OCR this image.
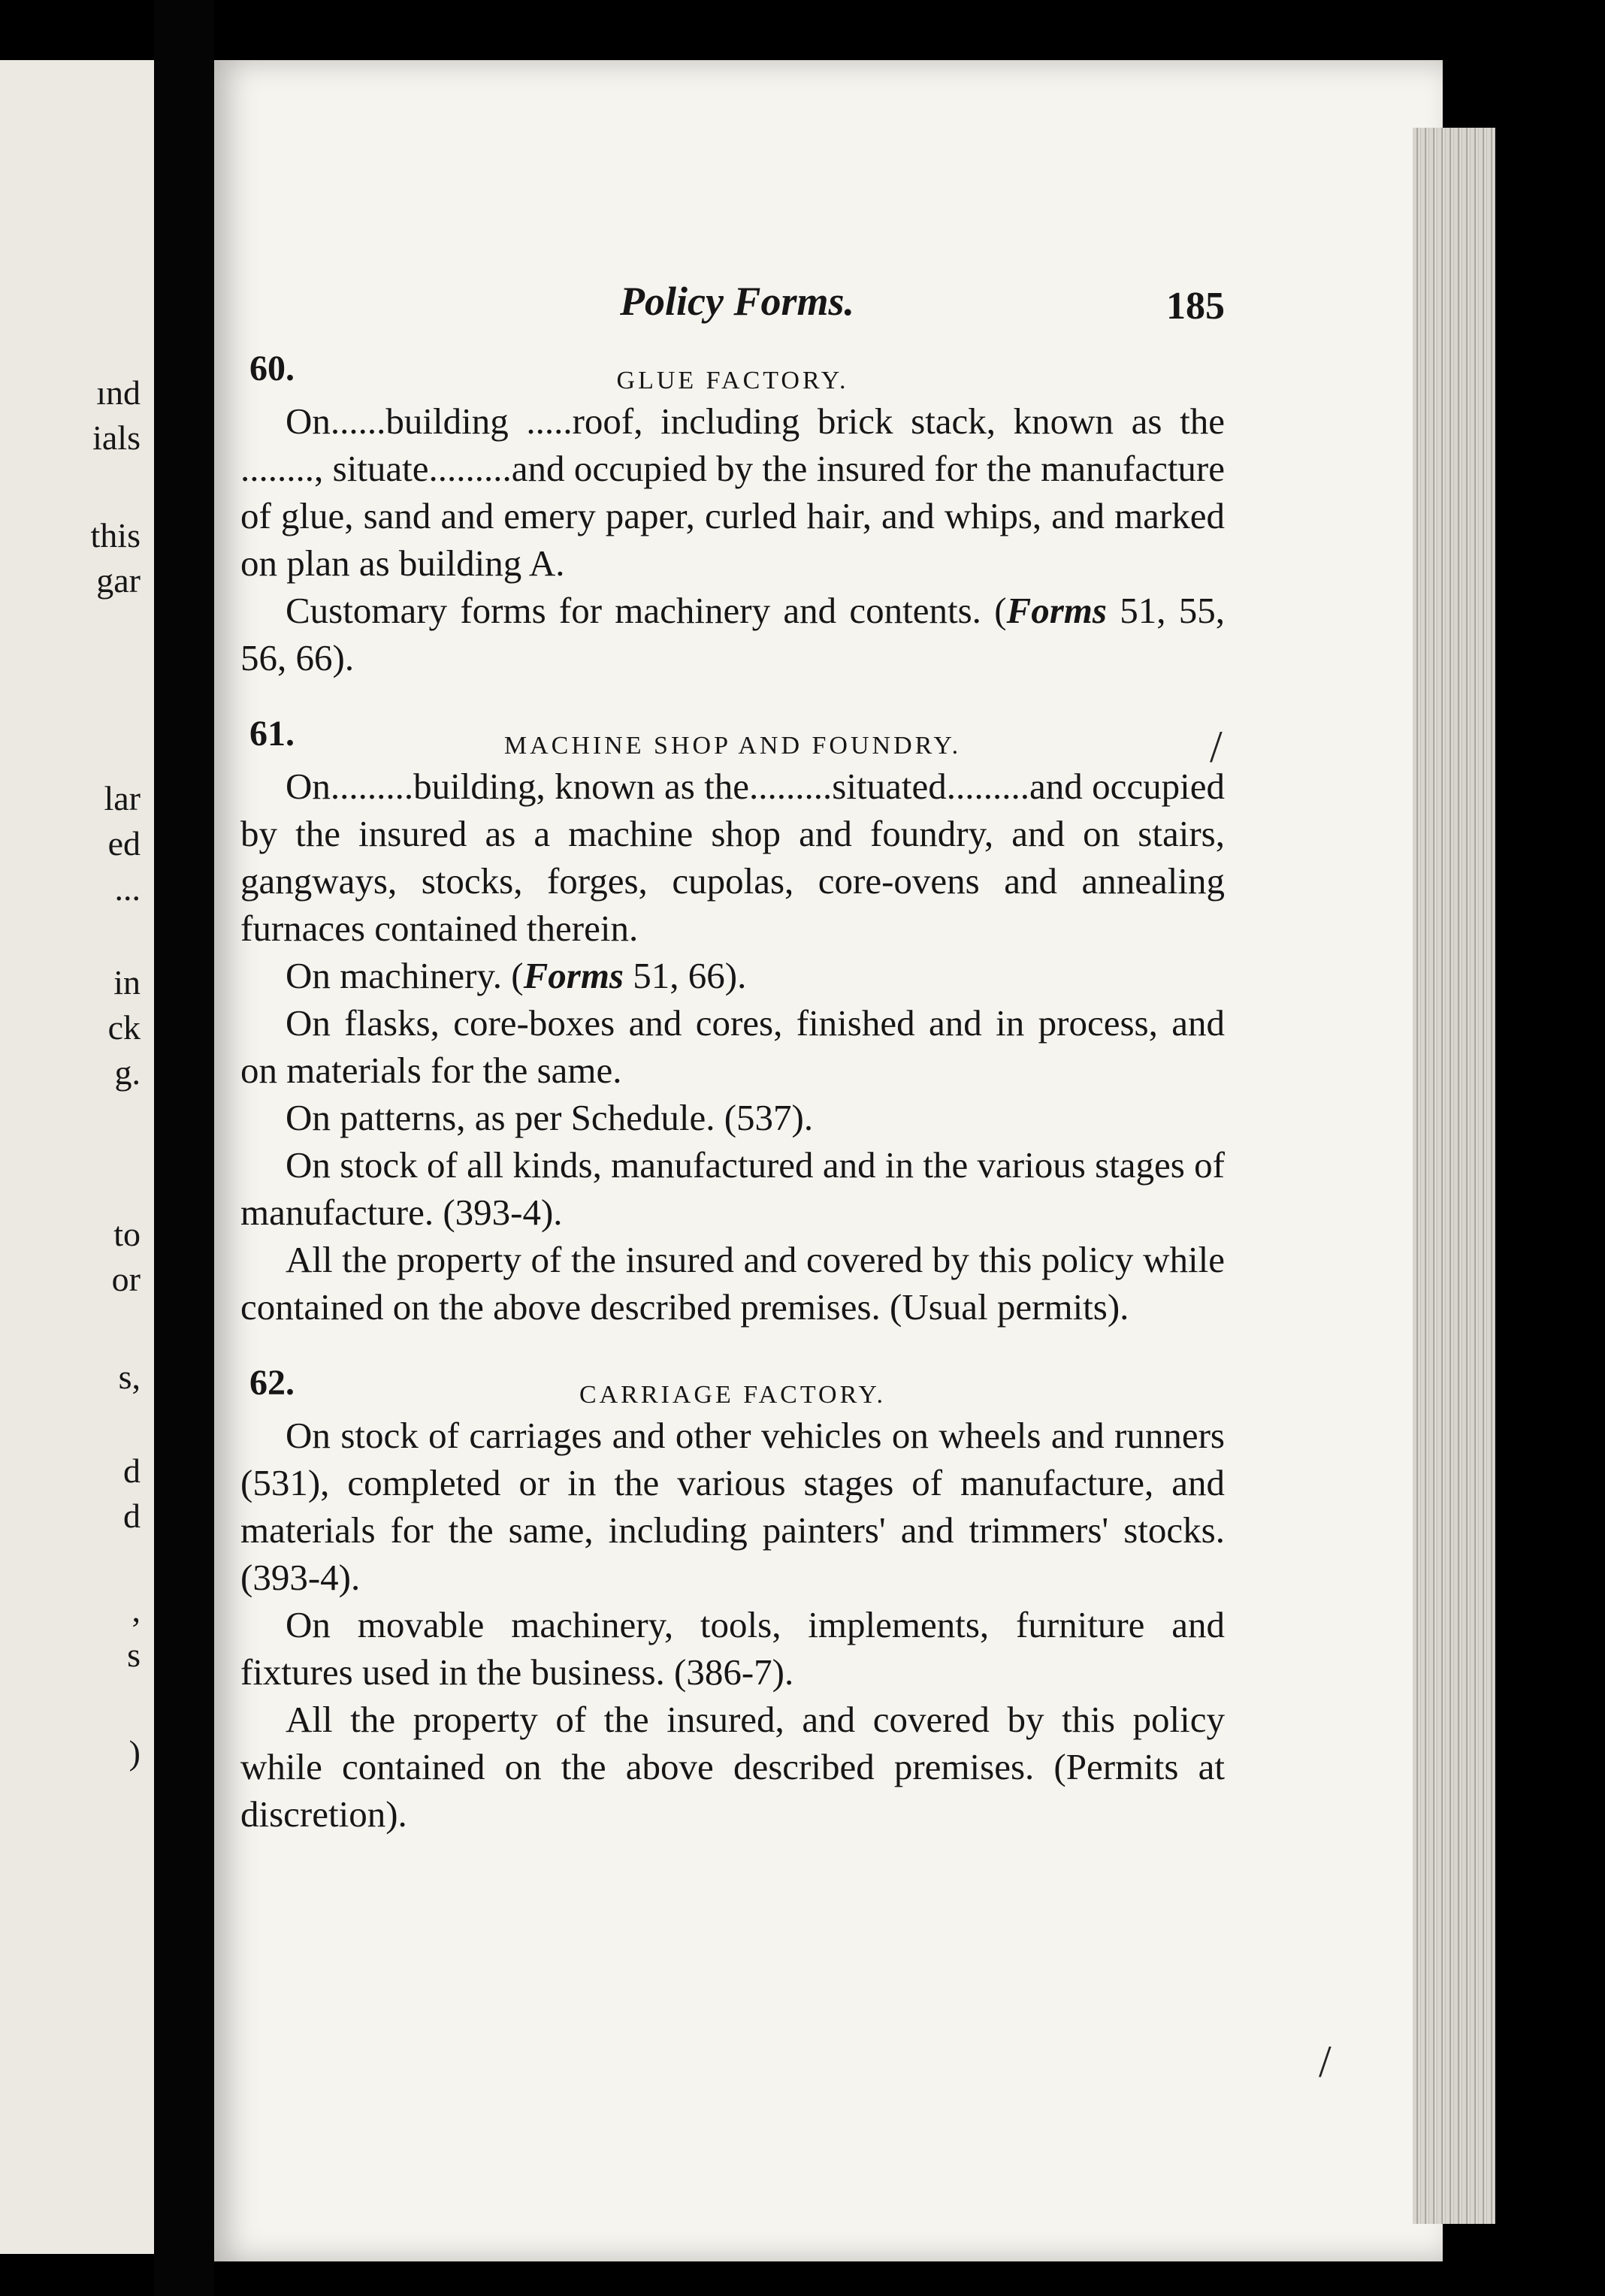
ınd
ials
this
gar
lar
ed
...
in
ck
g.
to
or
s,
d
d
,
s
)
/
/
Policy Forms.	185
60.	GLUE FACTORY.

On......building .....roof, including brick stack, known as the ........, situate.........and occupied by the insured for the manufacture of glue, sand and emery paper, curled hair, and whips, and marked on plan as building A.

Customary forms for machinery and contents. (Forms 51, 55, 56, 66).

61.	MACHINE SHOP AND FOUNDRY.

On.........building, known as the.........situated.........and occupied by the insured as a machine shop and foundry, and on stairs, gangways, stocks, forges, cupolas, core-ovens and annealing furnaces contained therein.

On machinery. (Forms 51, 66).

On flasks, core-boxes and cores, finished and in process, and on materials for the same.

On patterns, as per Schedule. (537).

On stock of all kinds, manufactured and in the various stages of manufacture. (393-4).

All the property of the insured and covered by this policy while contained on the above described premises. (Usual permits).

62.	CARRIAGE FACTORY.

On stock of carriages and other vehicles on wheels and runners (531), completed or in the various stages of manufacture, and materials for the same, including painters' and trimmers' stocks. (393-4).

On movable machinery, tools, implements, furniture and fixtures used in the business. (386-7).

All the property of the insured, and covered by this policy while contained on the above described premises. (Permits at discretion).
